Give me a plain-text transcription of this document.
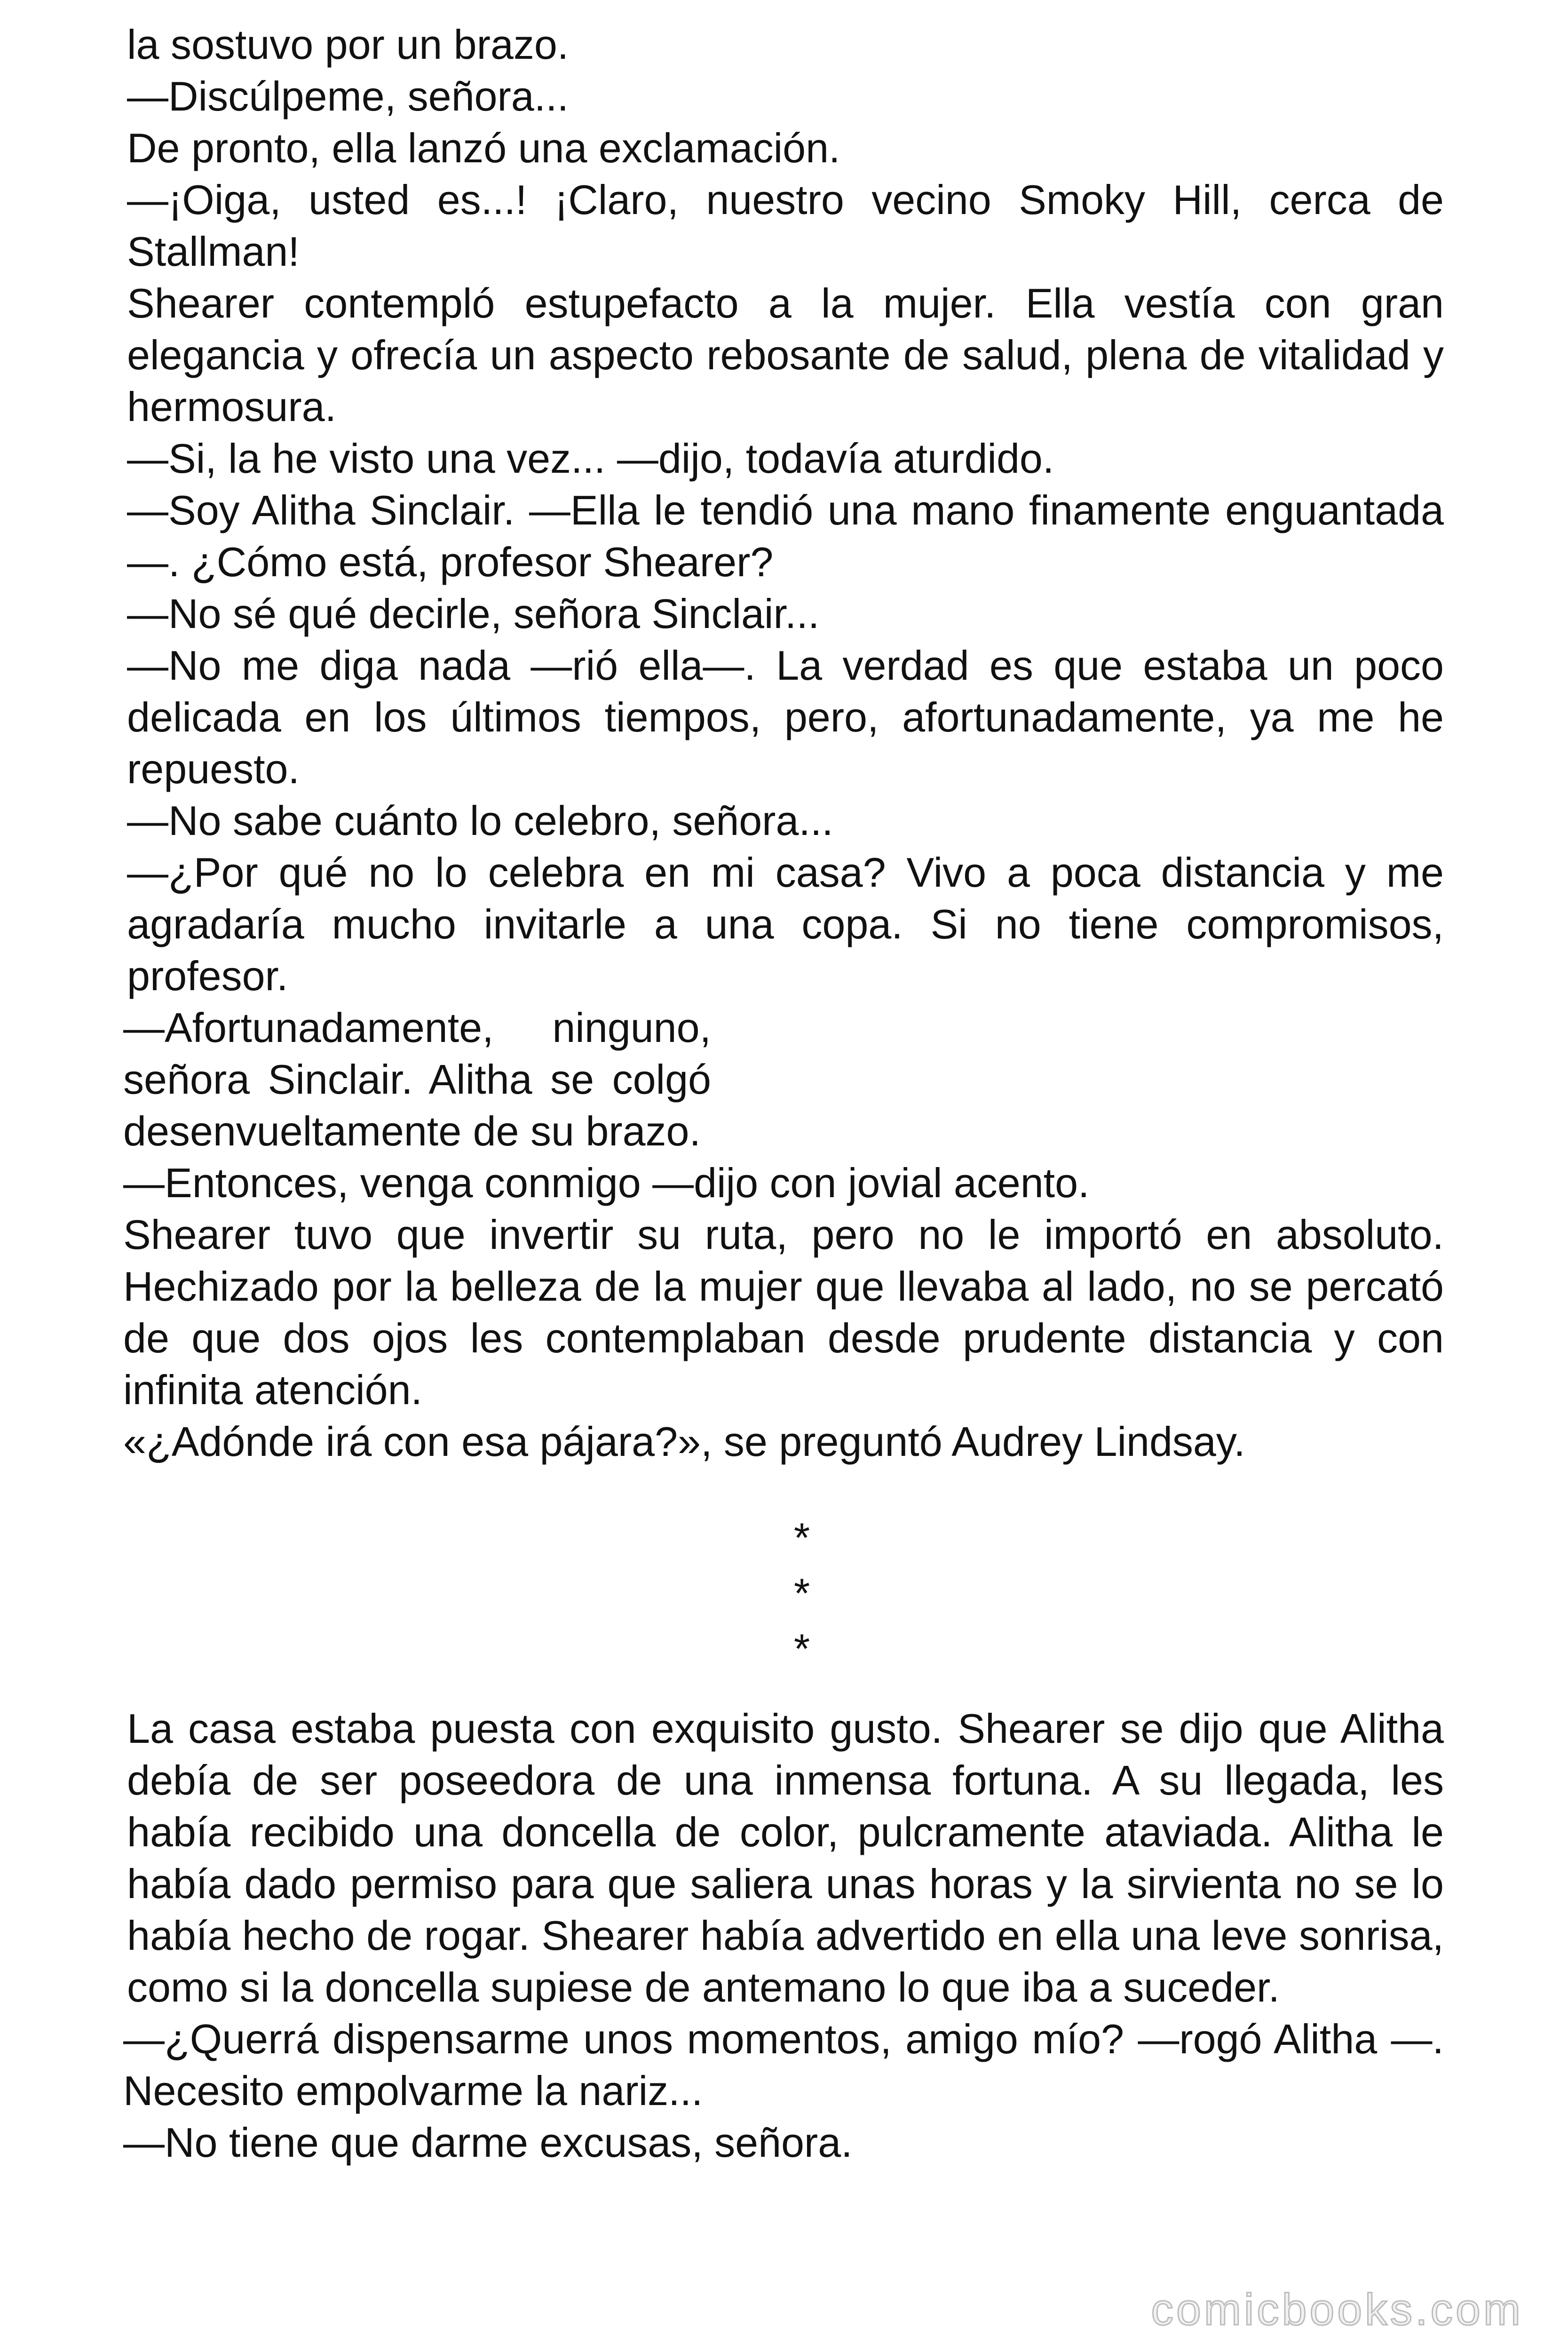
la sostuvo por un brazo.

—Discúlpeme, señora...

De pronto, ella lanzó una exclamación.

—¡Oiga, usted es...! ¡Claro, nuestro vecino Smoky Hill, cerca de Stallman!

Shearer contempló estupefacto a la mujer. Ella vestía con gran elegancia y ofrecía un aspecto rebosante de salud, plena de vitalidad y hermosura.

—Si, la he visto una vez... —dijo, todavía aturdido.

—Soy Alitha Sinclair. —Ella le tendió una mano finamente enguantada—. ¿Cómo está, profesor Shearer?

—No sé qué decirle, señora Sinclair...

—No me diga nada —rió ella—. La verdad es que estaba un poco delicada en los últimos tiempos, pero, afortunadamente, ya me he repuesto.

—No sabe cuánto lo celebro, señora...

—¿Por qué no lo celebra en mi casa? Vivo a poca distancia y me agradaría mucho invitarle a una copa. Si no tiene compromisos, profesor.

—Afortunadamente, ninguno, señora Sinclair. Alitha se colgó desenvueltamente de su brazo.

—Entonces, venga conmigo —dijo con jovial acento.

Shearer tuvo que invertir su ruta, pero no le importó en absoluto. Hechizado por la belleza de la mujer que llevaba al lado, no se percató de que dos ojos les contemplaban desde prudente distancia y con infinita atención.

«¿Adónde irá con esa pájara?», se preguntó Audrey Lindsay.

*
*
*

La casa estaba puesta con exquisito gusto. Shearer se dijo que Alitha debía de ser poseedora de una inmensa fortuna. A su llegada, les había recibido una doncella de color, pulcramente ataviada. Alitha le había dado permiso para que saliera unas horas y la sirvienta no se lo había hecho de rogar. Shearer había advertido en ella una leve sonrisa, como si la doncella supiese de antemano lo que iba a suceder.

—¿Querrá dispensarme unos momentos, amigo mío? —rogó Alitha —. Necesito empolvarme la nariz...

—No tiene que darme excusas, señora.

comicbooks.com
